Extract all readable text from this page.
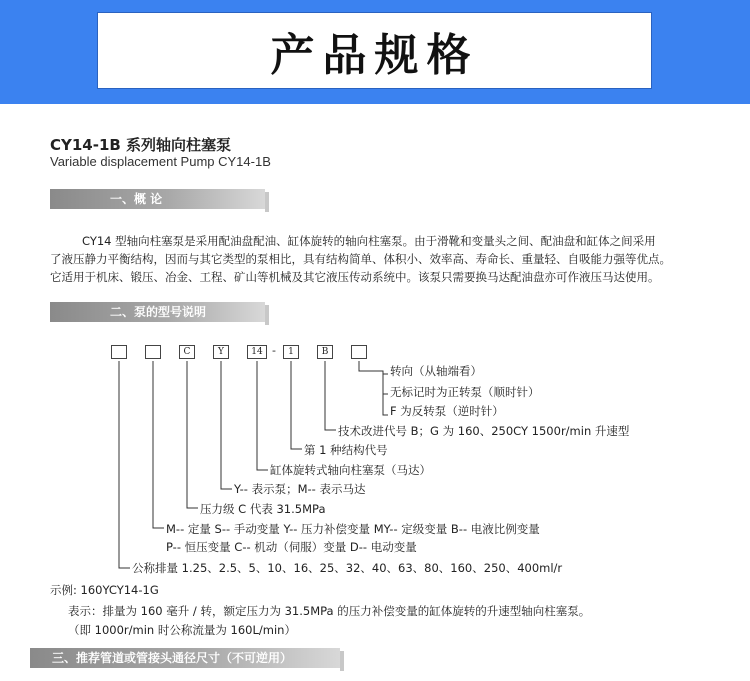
产品规格
CY14-1B 系列轴向柱塞泵
Variable displacement Pump CY14-1B
一、概 论
CY14 型轴向柱塞泵是采用配油盘配油、缸体旋转的轴向柱塞泵。由于滑靴和变量头之间、配油盘和缸体之间采用
了液压静力平衡结构，因而与其它类型的泵相比，具有结构简单、体积小、效率高、寿命长、重量轻、自吸能力强等优点。
它适用于机床、锻压、冶金、工程、矿山等机械及其它液压传动系统中。该泵只需要换马达配油盘亦可作液压马达使用。
二、泵的型号说明
C	Y	14 -	1	B
转向（从轴端看）
无标记时为正转泵（顺时针）
F 为反转泵（逆时针）
技术改进代号 B；G 为 160、250CY 1500r/min 升速型
第 1 种结构代号
缸体旋转式轴向柱塞泵（马达）
Y-- 表示泵；M-- 表示马达
压力级 C 代表 31.5MPa
M-- 定量 S-- 手动变量 Y-- 压力补偿变量 MY-- 定级变量 B-- 电液比例变量
P-- 恒压变量 C-- 机动（伺服）变量 D-- 电动变量
公称排量 1.25、2.5、5、10、16、25、32、40、63、80、160、250、400ml/r
示例: 160YCY14-1G
表示：排量为 160 毫升 / 转，额定压力为 31.5MPa 的压力补偿变量的缸体旋转的升速型轴向柱塞泵。
（即 1000r/min 时公称流量为 160L/min）
三、推荐管道或管接头通径尺寸（不可逆用）
